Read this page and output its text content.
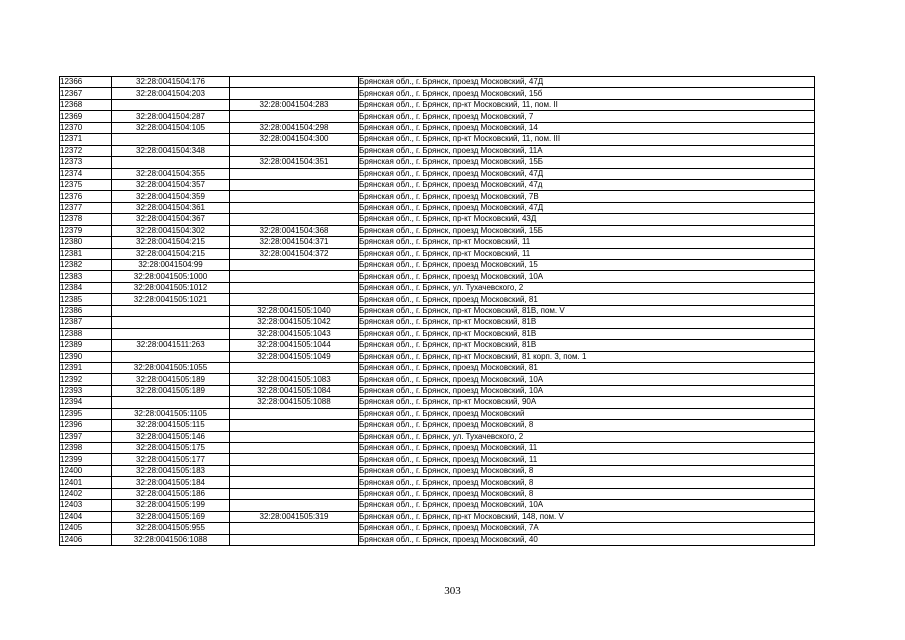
12366	32:28:0041504:176		Брянская обл., г. Брянск, проезд Московский, 47Д
12367	32:28:0041504:203		Брянская обл., г. Брянск, проезд Московский, 15б
12368		32:28:0041504:283	Брянская обл., г. Брянск, пр-кт Московский, 11, пом. II
12369	32:28:0041504:287		Брянская обл., г. Брянск, проезд Московский, 7
12370	32:28:0041504:105	32:28:0041504:298	Брянская обл., г. Брянск, проезд Московский, 14
12371		32:28:0041504:300	Брянская обл., г. Брянск, пр-кт Московский, 11, пом. III
12372	32:28:0041504:348		Брянская обл., г. Брянск, проезд Московский, 11А
12373		32:28:0041504:351	Брянская обл., г. Брянск, проезд Московский, 15Б
12374	32:28:0041504:355		Брянская обл., г. Брянск, проезд Московский, 47Д
12375	32:28:0041504:357		Брянская обл., г. Брянск, проезд Московский, 47д
12376	32:28:0041504:359		Брянская обл., г. Брянск, проезд Московский, 7В
12377	32:28:0041504:361		Брянская обл., г. Брянск, проезд Московский, 47Д
12378	32:28:0041504:367		Брянская обл., г. Брянск, пр-кт Московский, 43Д
12379	32:28:0041504:302	32:28:0041504:368	Брянская обл., г. Брянск, проезд Московский, 15Б
12380	32:28:0041504:215	32:28:0041504:371	Брянская обл., г. Брянск, пр-кт Московский, 11
12381	32:28:0041504:215	32:28:0041504:372	Брянская обл., г. Брянск, пр-кт Московский, 11
12382	32:28:0041504:99		Брянская обл., г. Брянск, проезд Московский, 15
12383	32:28:0041505:1000		Брянская обл., г. Брянск, проезд Московский, 10А
12384	32:28:0041505:1012		Брянская обл., г. Брянск, ул. Тухачевского, 2
12385	32:28:0041505:1021		Брянская обл., г. Брянск, проезд Московский, 81
12386		32:28:0041505:1040	Брянская обл., г. Брянск, пр-кт Московский, 81В, пом. V
12387		32:28:0041505:1042	Брянская обл., г. Брянск, пр-кт Московский, 81В
12388		32:28:0041505:1043	Брянская обл., г. Брянск, пр-кт Московский, 81В
12389	32:28:0041511:263	32:28:0041505:1044	Брянская обл., г. Брянск, пр-кт Московский, 81В
12390		32:28:0041505:1049	Брянская обл., г. Брянск, пр-кт Московский, 81 корп. 3, пом. 1
12391	32:28:0041505:1055		Брянская обл., г. Брянск, проезд Московский, 81
12392	32:28:0041505:189	32:28:0041505:1083	Брянская обл., г. Брянск, проезд Московский, 10А
12393	32:28:0041505:189	32:28:0041505:1084	Брянская обл., г. Брянск, проезд Московский, 10А
12394		32:28:0041505:1088	Брянская обл., г. Брянск, пр-кт Московский, 90А
12395	32:28:0041505:1105		Брянская обл., г. Брянск, проезд Московский
12396	32:28:0041505:115		Брянская обл., г. Брянск, проезд Московский, 8
12397	32:28:0041505:146		Брянская обл., г. Брянск, ул. Тухачевского, 2
12398	32:28:0041505:175		Брянская обл., г. Брянск, проезд Московский, 11
12399	32:28:0041505:177		Брянская обл., г. Брянск, проезд Московский, 11
12400	32:28:0041505:183		Брянская обл., г. Брянск, проезд Московский, 8
12401	32:28:0041505:184		Брянская обл., г. Брянск, проезд Московский, 8
12402	32:28:0041505:186		Брянская обл., г. Брянск, проезд Московский, 8
12403	32:28:0041505:199		Брянская обл., г. Брянск, проезд Московский, 10А
12404	32:28:0041505:169	32:28:0041505:319	Брянская обл., г. Брянск, пр-кт Московский, 148, пом. V
12405	32:28:0041505:955		Брянская обл., г. Брянск, проезд Московский, 7А
12406	32:28:0041506:1088		Брянская обл., г. Брянск, проезд Московский, 40
303
